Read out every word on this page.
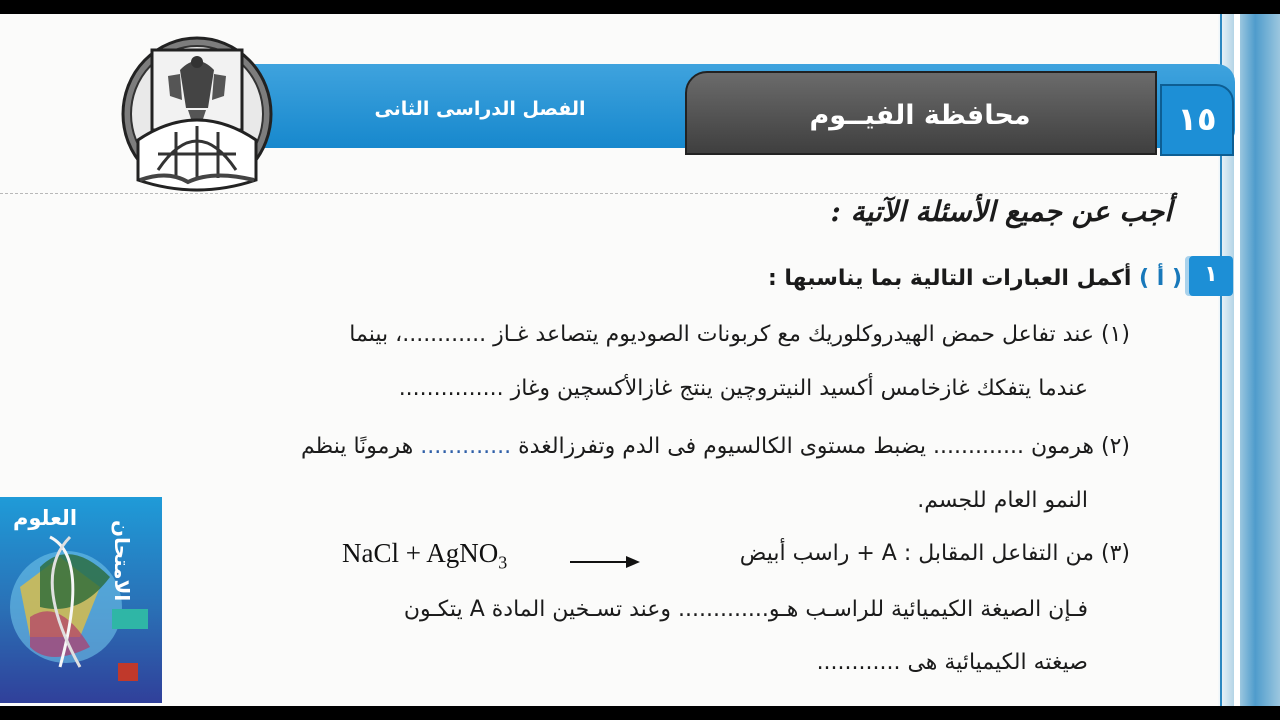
الفصل الدراسى الثانى	محافظة الفيــوم	١٥
أجب عن جميع الأسئلة الآتية :
١
( أ ) أكمل العبارات التالية بما يناسبها :
(١) عند تفاعل حمض الهيدروكلوريك مع كربونات الصوديوم يتصاعد غـاز ............، بينما
عندما يتفكك غازخامس أكسيد النيتروچين ينتج غازالأكسچين وغاز ...............
(٢) هرمون ............. يضبط مستوى الكالسيوم فى الدم وتفرزالغدة ............. هرمونًا ينظم
النمو العام للجسم.
(٣) من التفاعل المقابل : A + راسب أبيض
NaCl + AgNO$_3$
فـإن الصيغة الكيميائية للراسـب هـو............. وعند تسـخين المادة A يتكـون
صيغته الكيميائية هى ............
العلوم
الامتحان
